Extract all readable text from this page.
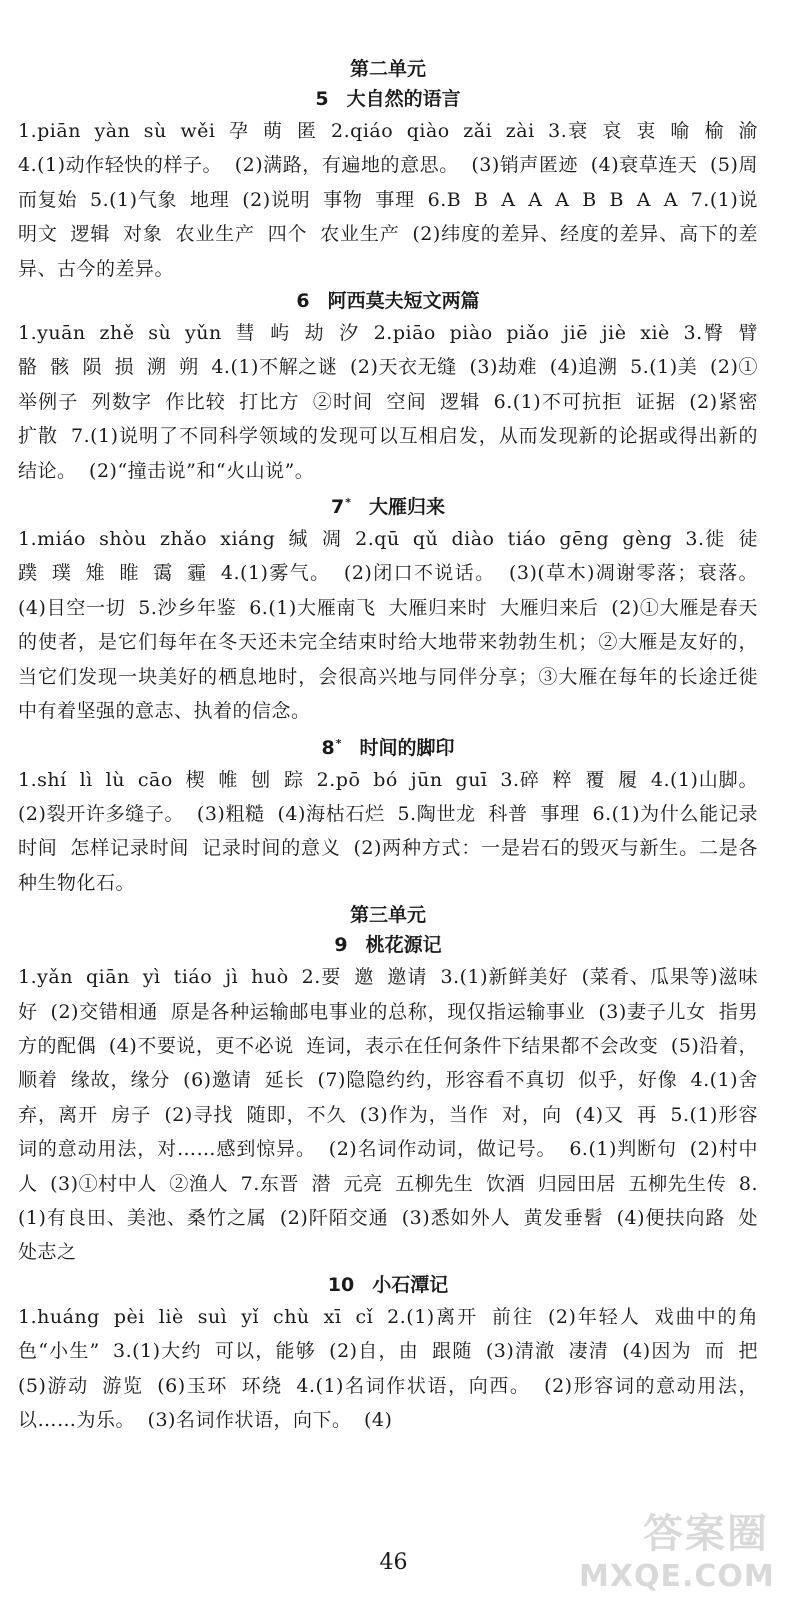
第二单元
5 大自然的语言

1.piān yàn sù wěi 孕 萌 匿 2.qiáo qiào zǎi zài 3.衰 哀 衷 喻 榆 渝 4.(1)动作轻快的样子。 (2)满路，有遍地的意思。 (3)销声匿迹 (4)衰草连天 (5)周而复始 5.(1)气象 地理 (2)说明 事物 事理 6.B B A A A B B A A 7.(1)说明文 逻辑 对象 农业生产 四个 农业生产 (2)纬度的差异、经度的差异、高下的差异、古今的差异。

6 阿西莫夫短文两篇

1.yuān zhě sù yǔn 彗 屿 劫 汐 2.piāo piào piǎo jiē jiè xiè 3.臀 臂 骼 骸 陨 损 溯 朔 4.(1)不解之谜 (2)天衣无缝 (3)劫难 (4)追溯 5.(1)美 (2)①举例子 列数字 作比较 打比方 ②时间 空间 逻辑 6.(1)不可抗拒 证据 (2)紧密 扩散 7.(1)说明了不同科学领域的发现可以互相启发，从而发现新的论据或得出新的结论。 (2)“撞击说”和“火山说”。

7* 大雁归来

1.miáo shòu zhǎo xiáng 缄 凋 2.qū qǔ diào tiáo gēng gèng 3.徙 徒 蹼 璞 雉 睢 霭 霾 4.(1)雾气。 (2)闭口不说话。 (3)(草木)凋谢零落；衰落。 (4)目空一切 5.沙乡年鉴 6.(1)大雁南飞 大雁归来时 大雁归来后 (2)①大雁是春天的使者，是它们每年在冬天还未完全结束时给大地带来勃勃生机；②大雁是友好的，当它们发现一块美好的栖息地时，会很高兴地与同伴分享；③大雁在每年的长途迁徙中有着坚强的意志、执着的信念。

8* 时间的脚印

1.shí lì lù cāo 楔 帷 刨 踪 2.pō bó jūn guī 3.碎 粹 覆 履 4.(1)山脚。 (2)裂开许多缝子。 (3)粗糙 (4)海枯石烂 5.陶世龙 科普 事理 6.(1)为什么能记录时间 怎样记录时间 记录时间的意义 (2)两种方式：一是岩石的毁灭与新生。二是各种生物化石。

第三单元
9 桃花源记

1.yǎn qiān yì tiáo jì huò 2.要 邀 邀请 3.(1)新鲜美好 (菜肴、瓜果等)滋味好 (2)交错相通 原是各种运输邮电事业的总称，现仅指运输事业 (3)妻子儿女 指男方的配偶 (4)不要说，更不必说 连词，表示在任何条件下结果都不会改变 (5)沿着，顺着 缘故，缘分 (6)邀请 延长 (7)隐隐约约，形容看不真切 似乎，好像 4.(1)舍弃，离开 房子 (2)寻找 随即，不久 (3)作为，当作 对，向 (4)又 再 5.(1)形容词的意动用法，对……感到惊异。 (2)名词作动词，做记号。 6.(1)判断句 (2)村中人 (3)①村中人 ②渔人 7.东晋 潜 元亮 五柳先生 饮酒 归园田居 五柳先生传 8.(1)有良田、美池、桑竹之属 (2)阡陌交通 (3)悉如外人 黄发垂髫 (4)便扶向路 处处志之

10 小石潭记

1.huáng pèi liè suì yǐ chù xī cǐ 2.(1)离开 前往 (2)年轻人 戏曲中的角色“小生” 3.(1)大约 可以，能够 (2)自，由 跟随 (3)清澈 凄清 (4)因为 而 把 (5)游动 游览 (6)玉环 环绕 4.(1)名词作状语，向西。 (2)形容词的意动用法，以……为乐。 (3)名词作状语，向下。 (4)

46
答案圈
MXQE.COM
